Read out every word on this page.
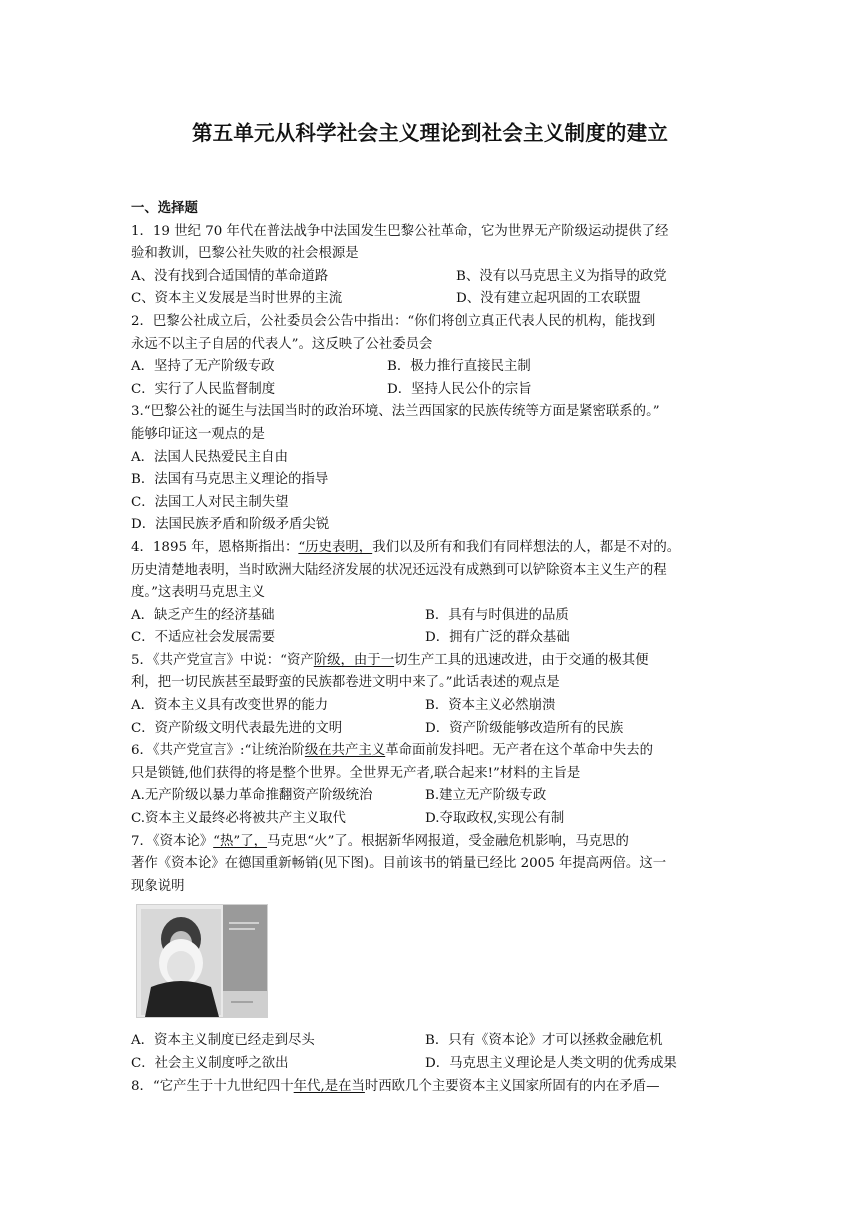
第五单元从科学社会主义理论到社会主义制度的建立
一、选择题
1．19 世纪 70 年代在普法战争中法国发生巴黎公社革命，它为世界无产阶级运动提供了经
验和教训，巴黎公社失败的社会根源是
A、没有找到合适国情的革命道路	B、没有以马克思主义为指导的政党
C、资本主义发展是当时世界的主流	D、没有建立起巩固的工农联盟
2．巴黎公社成立后，公社委员会公告中指出：“你们将创立真正代表人民的机构，能找到
永远不以主子自居的代表人”。这反映了公社委员会
A．坚持了无产阶级专政	B．极力推行直接民主制
C．实行了人民监督制度	D．坚持人民公仆的宗旨
3.“巴黎公社的诞生与法国当时的政治环境、法兰西国家的民族传统等方面是紧密联系的。”
能够印证这一观点的是
A．法国人民热爱民主自由
B．法国有马克思主义理论的指导
C．法国工人对民主制失望
D．法国民族矛盾和阶级矛盾尖锐
4．1895 年，恩格斯指出：“历史表明，我们以及所有和我们有同样想法的人，都是不对的。
历史清楚地表明，当时欧洲大陆经济发展的状况还远没有成熟到可以铲除资本主义生产的程
度。”这表明马克思主义
A．缺乏产生的经济基础	B．具有与时俱进的品质
C．不适应社会发展需要	D．拥有广泛的群众基础
5．《共产党宣言》中说：“资产阶级，由于一切生产工具的迅速改进，由于交通的极其便
利，把一切民族甚至最野蛮的民族都卷进文明中来了。”此话表述的观点是
A．资本主义具有改变世界的能力	B．资本主义必然崩溃
C．资产阶级文明代表最先进的文明	D．资产阶级能够改造所有的民族
6．《共产党宣言》:“让统治阶级在共产主义革命面前发抖吧。无产者在这个革命中失去的
只是锁链,他们获得的将是整个世界。全世界无产者,联合起来!”材料的主旨是
A.无产阶级以暴力革命推翻资产阶级统治	B.建立无产阶级专政
C.资本主义最终必将被共产主义取代	D.夺取政权,实现公有制
7．《资本论》“热”了，马克思“火”了。根据新华网报道，受金融危机影响，马克思的
著作《资本论》在德国重新畅销(见下图)。目前该书的销量已经比 2005 年提高两倍。这一
现象说明
A．资本主义制度已经走到尽头	B．只有《资本论》才可以拯救金融危机
C．社会主义制度呼之欲出	D．马克思主义理论是人类文明的优秀成果
8．“它产生于十九世纪四十年代,是在当时西欧几个主要资本主义国家所固有的内在矛盾—
